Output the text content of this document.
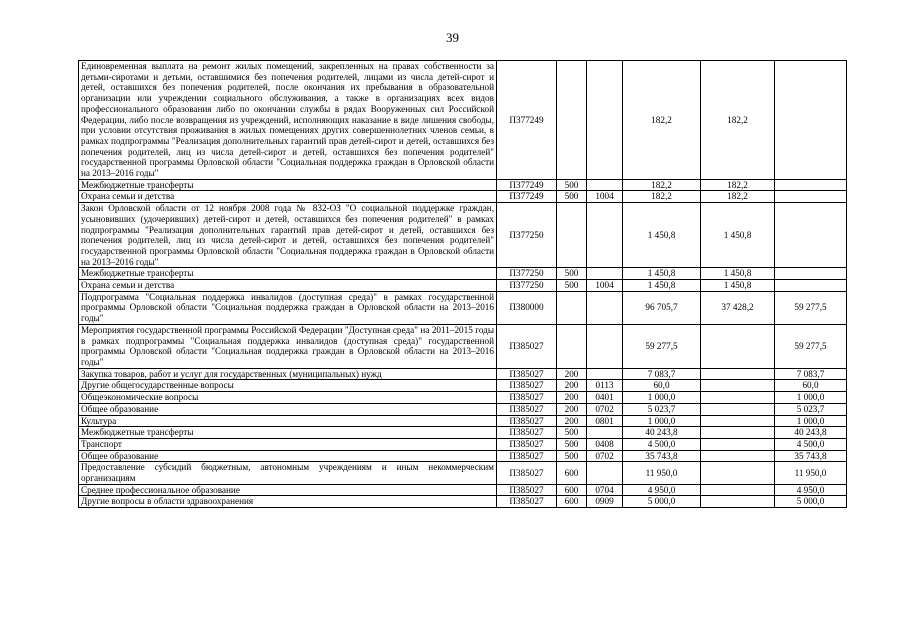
39
Единовременная выплата на ремонт жилых помещений, закрепленных на правах собственности за детьми-сиротами и детьми, оставшимися без попечения родителей, лицами из числа детей-сирот и детей, оставшихся без попечения родителей, после окончания их пребывания в образовательной организации или учреждении социального обслуживания, а также в организациях всех видов профессионального образования либо по окончании службы в рядах Вооруженных сил Российской Федерации, либо после возвращения из учреждений, исполняющих наказание в виде лишения свободы, при условии отсутствия проживания в жилых помещениях других совершеннолетних членов семьи, в рамках подпрограммы "Реализация дополнительных гарантий прав детей-сирот и детей, оставшихся без попечения родителей, лиц из числа детей-сирот и детей, оставшихся без попечения родителей" государственной программы Орловской области "Социальная поддержка граждан в Орловской области на 2013–2016 годы"	П377249			182,2	182,2	
Межбюджетные трансферты	П377249	500		182,2	182,2	
Охрана семьи и детства	П377249	500	1004	182,2	182,2	
Закон Орловской области от 12 ноября 2008 года № 832-ОЗ "О социальной поддержке граждан, усыновивших (удочеривших) детей-сирот и детей, оставшихся без попечения родителей" в рамках подпрограммы "Реализация дополнительных гарантий прав детей-сирот и детей, оставшихся без попечения родителей, лиц из числа детей-сирот и детей, оставшихся без попечения родителей" государственной программы Орловской области "Социальная поддержка граждан в Орловской области на 2013–2016 годы"	П377250			1 450,8	1 450,8	
Межбюджетные трансферты	П377250	500		1 450,8	1 450,8	
Охрана семьи и детства	П377250	500	1004	1 450,8	1 450,8	
Подпрограмма "Социальная поддержка инвалидов (доступная среда)" в рамках государственной программы Орловской области "Социальная поддержка граждан в Орловской области на 2013–2016 годы"	П380000			96 705,7	37 428,2	59 277,5
Мероприятия государственной программы Российской Федерации "Доступная среда" на 2011–2015 годы в рамках подпрограммы "Социальная поддержка инвалидов (доступная среда)" государственной программы Орловской области "Социальная поддержка граждан в Орловской области на 2013–2016 годы"	П385027			59 277,5		59 277,5
Закупка товаров, работ и услуг для государственных (муниципальных) нужд	П385027	200		7 083,7		7 083,7
Другие общегосударственные вопросы	П385027	200	0113	60,0		60,0
Общеэкономические вопросы	П385027	200	0401	1 000,0		1 000,0
Общее образование	П385027	200	0702	5 023,7		5 023,7
Культура	П385027	200	0801	1 000,0		1 000,0
Межбюджетные трансферты	П385027	500		40 243,8		40 243,8
Транспорт	П385027	500	0408	4 500,0		4 500,0
Общее образование	П385027	500	0702	35 743,8		35 743,8
Предоставление субсидий бюджетным, автономным учреждениям и иным некоммерческим организациям	П385027	600		11 950,0		11 950,0
Среднее профессиональное образование	П385027	600	0704	4 950,0		4 950,0
Другие вопросы в области здравоохранения	П385027	600	0909	5 000,0		5 000,0
